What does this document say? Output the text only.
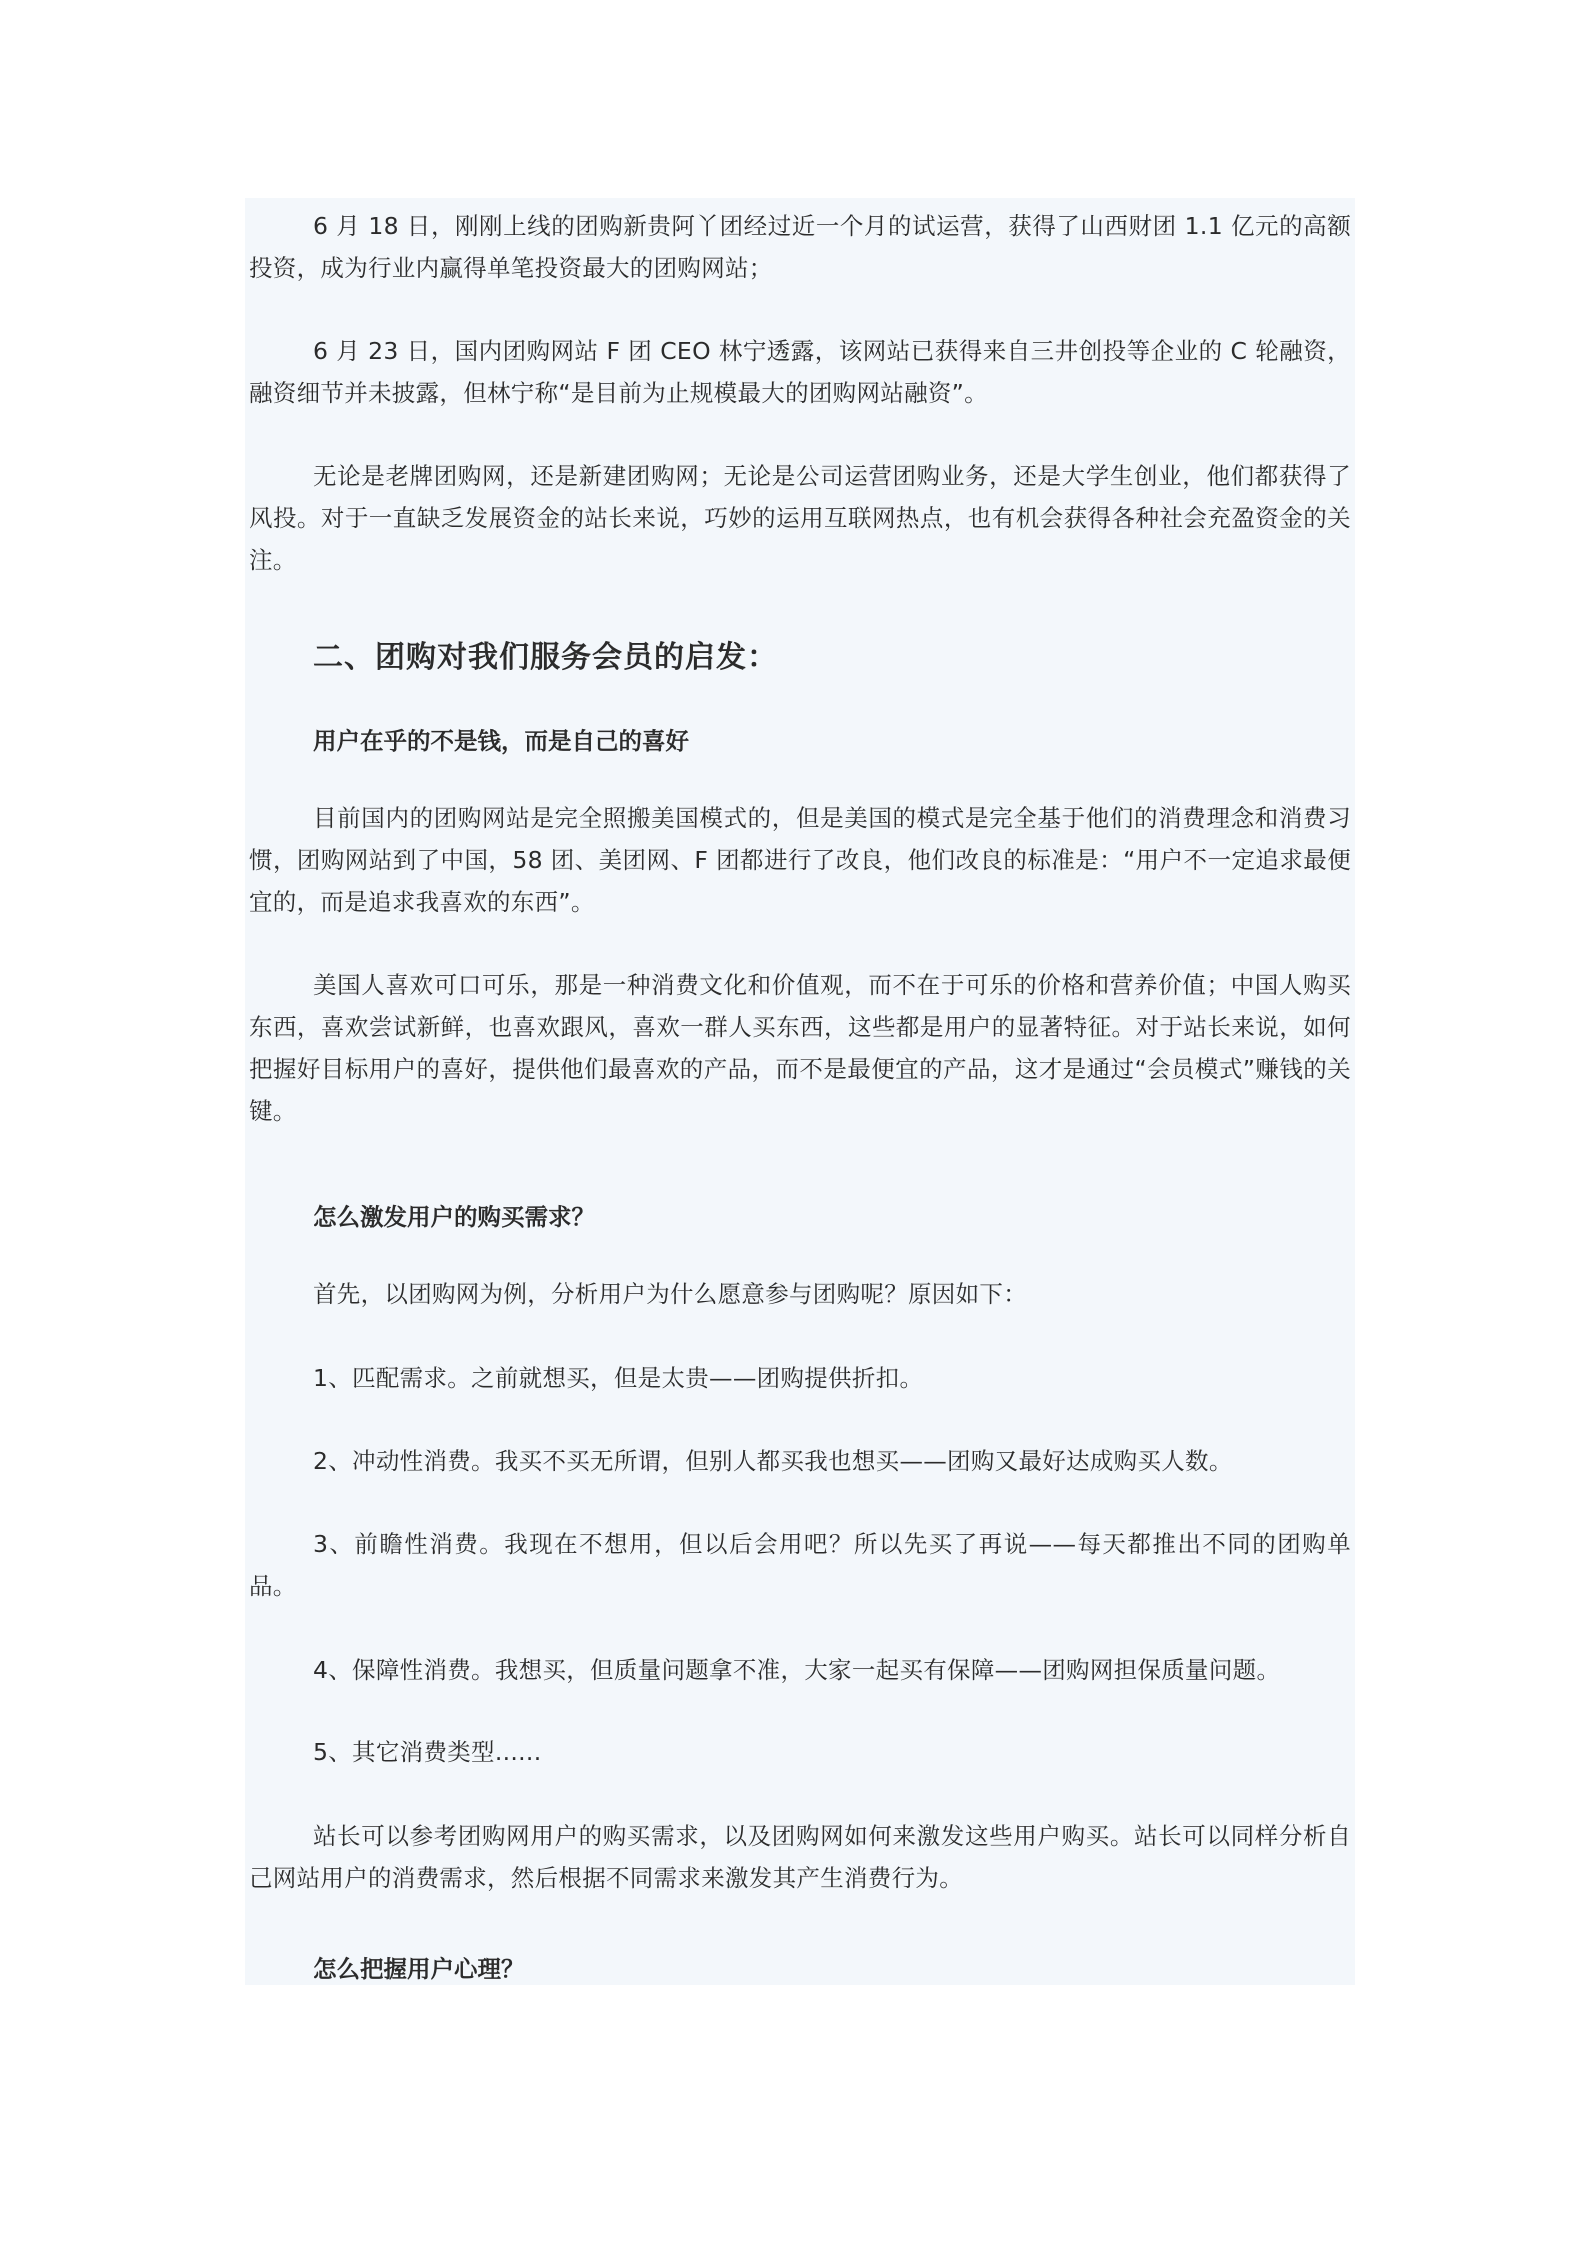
6 月 18 日，刚刚上线的团购新贵阿丫团经过近一个月的试运营，获得了山西财团 1.1 亿元的高额投资，成为行业内赢得单笔投资最大的团购网站；

6 月 23 日，国内团购网站 F 团 CEO 林宁透露，该网站已获得来自三井创投等企业的 C 轮融资，融资细节并未披露，但林宁称“是目前为止规模最大的团购网站融资”。

无论是老牌团购网，还是新建团购网；无论是公司运营团购业务，还是大学生创业，他们都获得了风投。对于一直缺乏发展资金的站长来说，巧妙的运用互联网热点，也有机会获得各种社会充盈资金的关注。

二、团购对我们服务会员的启发：
用户在乎的不是钱，而是自己的喜好

目前国内的团购网站是完全照搬美国模式的，但是美国的模式是完全基于他们的消费理念和消费习惯，团购网站到了中国，58 团、美团网、F 团都进行了改良，他们改良的标准是：“用户不一定追求最便宜的，而是追求我喜欢的东西”。

美国人喜欢可口可乐，那是一种消费文化和价值观，而不在于可乐的价格和营养价值；中国人购买东西，喜欢尝试新鲜，也喜欢跟风，喜欢一群人买东西，这些都是用户的显著特征。对于站长来说，如何把握好目标用户的喜好，提供他们最喜欢的产品，而不是最便宜的产品，这才是通过“会员模式”赚钱的关键。

怎么激发用户的购买需求？

首先，以团购网为例，分析用户为什么愿意参与团购呢？原因如下：

1、匹配需求。之前就想买，但是太贵——团购提供折扣。

2、冲动性消费。我买不买无所谓，但别人都买我也想买——团购又最好达成购买人数。

3、前瞻性消费。我现在不想用，但以后会用吧？所以先买了再说——每天都推出不同的团购单品。

4、保障性消费。我想买，但质量问题拿不准，大家一起买有保障——团购网担保质量问题。

5、其它消费类型......

站长可以参考团购网用户的购买需求，以及团购网如何来激发这些用户购买。站长可以同样分析自己网站用户的消费需求，然后根据不同需求来激发其产生消费行为。

怎么把握用户心理？
